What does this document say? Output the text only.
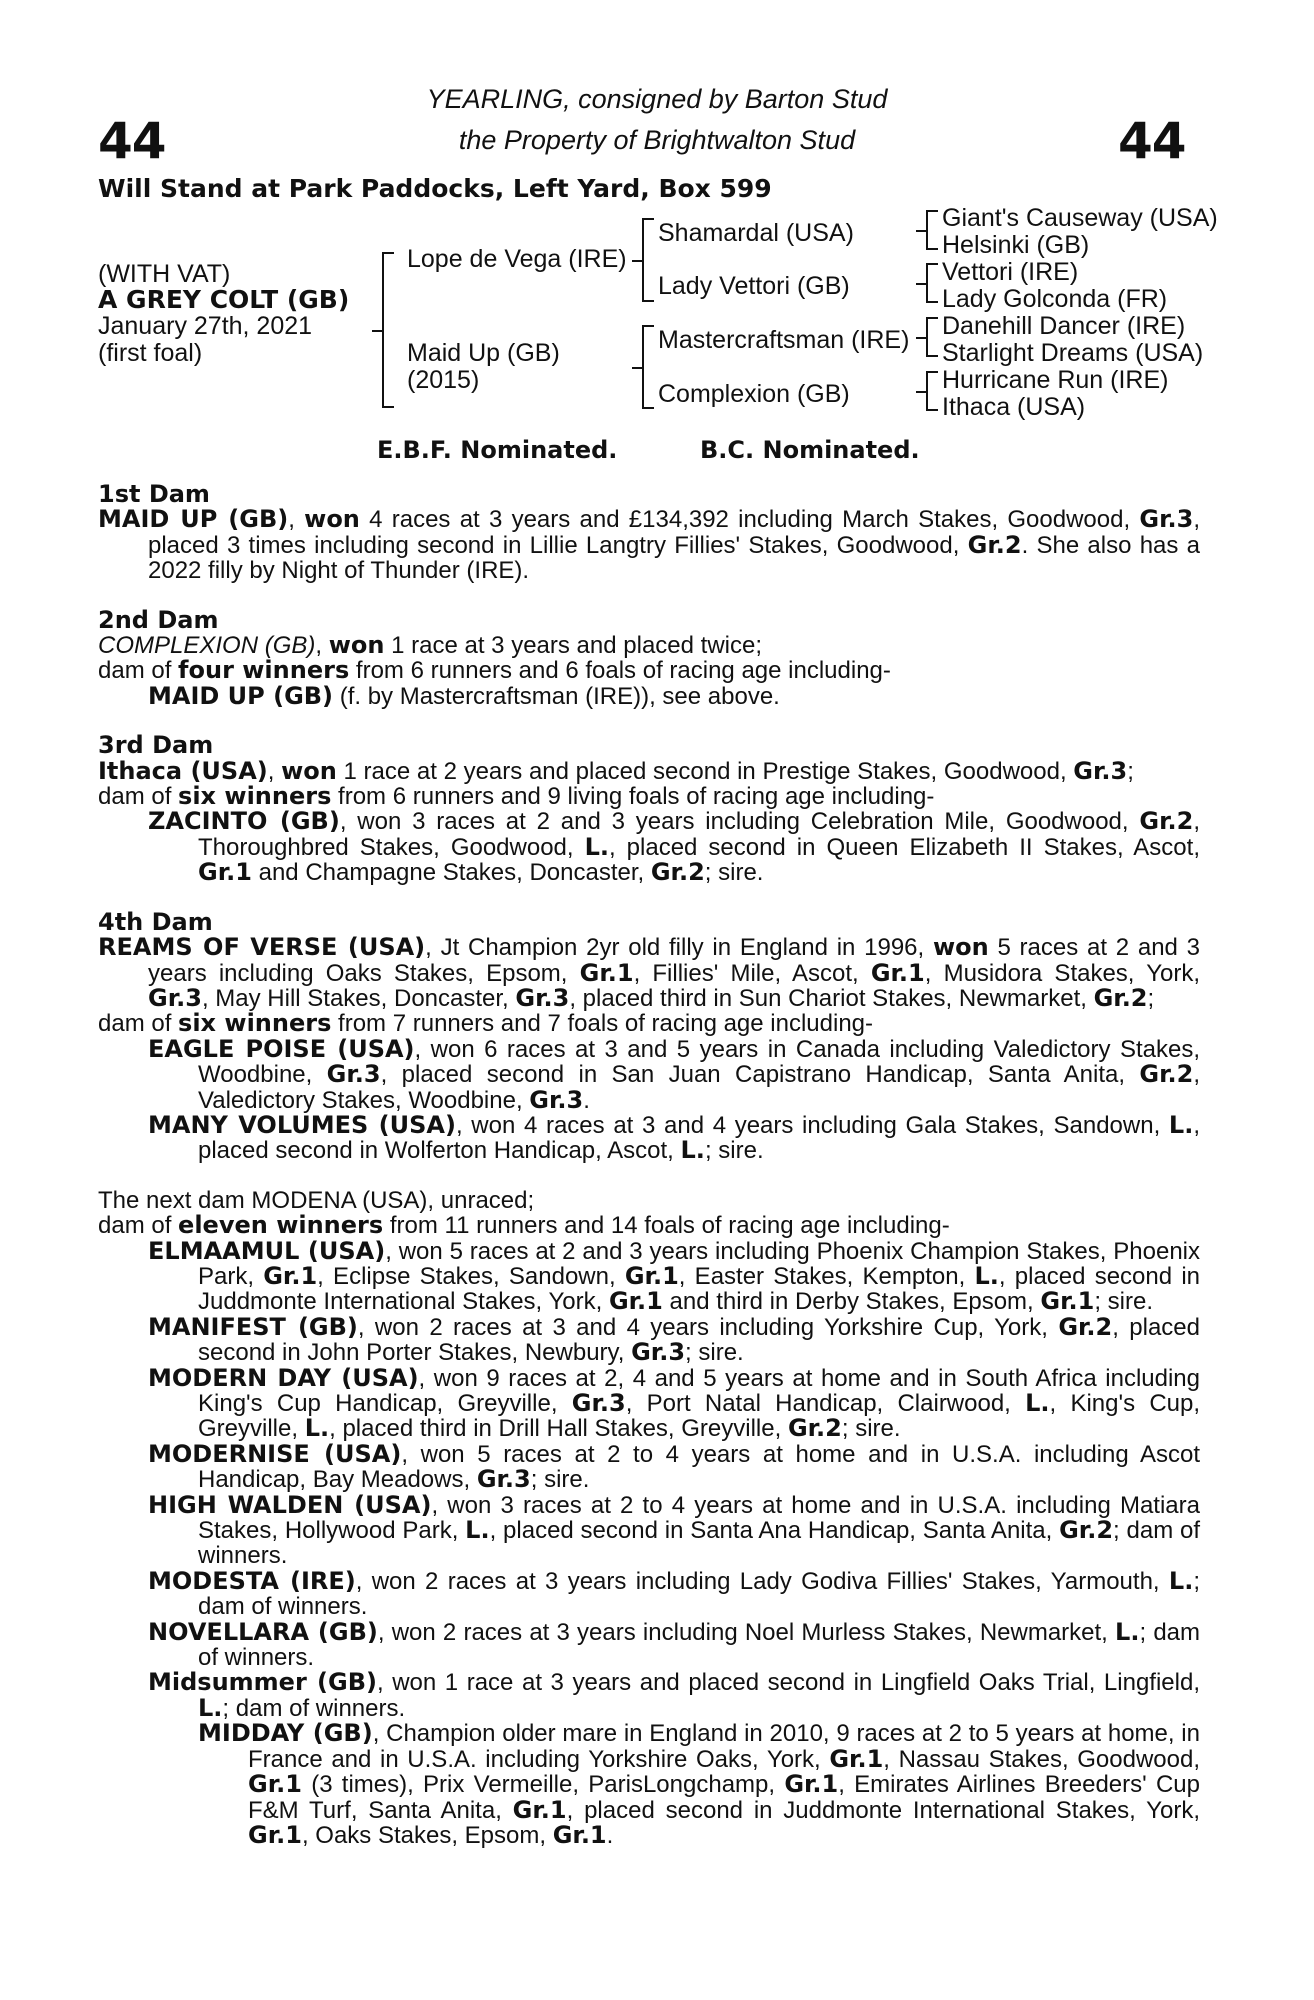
44	44
YEARLING, consigned by Barton Stud
the Property of Brightwalton Stud
Will Stand at Park Paddocks, Left Yard, Box 599
(WITH VAT)
A GREY COLT (GB)
January 27th, 2021
(first foal)
Lope de Vega (IRE)
Maid Up (GB)
(2015)
Shamardal (USA)
Lady Vettori (GB)
Mastercraftsman (IRE)
Complexion (GB)
Giant's Causeway (USA)
Helsinki (GB)
Vettori (IRE)
Lady Golconda (FR)
Danehill Dancer (IRE)
Starlight Dreams (USA)
Hurricane Run (IRE)
Ithaca (USA)
E.B.F. Nominated.	B.C. Nominated.
1st Dam
MAID UP (GB), won 4 races at 3 years and £134,392 including March Stakes, Goodwood, Gr.3, placed 3 times including second in Lillie Langtry Fillies' Stakes, Goodwood, Gr.2. She also has a 2022 filly by Night of Thunder (IRE).
2nd Dam
COMPLEXION (GB), won 1 race at 3 years and placed twice;
dam of four winners from 6 runners and 6 foals of racing age including-
MAID UP (GB) (f. by Mastercraftsman (IRE)), see above.
3rd Dam
Ithaca (USA), won 1 race at 2 years and placed second in Prestige Stakes, Goodwood, Gr.3;
dam of six winners from 6 runners and 9 living foals of racing age including-
ZACINTO (GB), won 3 races at 2 and 3 years including Celebration Mile, Goodwood, Gr.2, Thoroughbred Stakes, Goodwood, L., placed second in Queen Elizabeth II Stakes, Ascot, Gr.1 and Champagne Stakes, Doncaster, Gr.2; sire.
4th Dam
REAMS OF VERSE (USA), Jt Champion 2yr old filly in England in 1996, won 5 races at 2 and 3 years including Oaks Stakes, Epsom, Gr.1, Fillies' Mile, Ascot, Gr.1, Musidora Stakes, York, Gr.3, May Hill Stakes, Doncaster, Gr.3, placed third in Sun Chariot Stakes, Newmarket, Gr.2;
dam of six winners from 7 runners and 7 foals of racing age including-
EAGLE POISE (USA), won 6 races at 3 and 5 years in Canada including Valedictory Stakes, Woodbine, Gr.3, placed second in San Juan Capistrano Handicap, Santa Anita, Gr.2, Valedictory Stakes, Woodbine, Gr.3.
MANY VOLUMES (USA), won 4 races at 3 and 4 years including Gala Stakes, Sandown, L., placed second in Wolferton Handicap, Ascot, L.; sire.
The next dam MODENA (USA), unraced;
dam of eleven winners from 11 runners and 14 foals of racing age including-
ELMAAMUL (USA), won 5 races at 2 and 3 years including Phoenix Champion Stakes, Phoenix Park, Gr.1, Eclipse Stakes, Sandown, Gr.1, Easter Stakes, Kempton, L., placed second in Juddmonte International Stakes, York, Gr.1 and third in Derby Stakes, Epsom, Gr.1; sire.
MANIFEST (GB), won 2 races at 3 and 4 years including Yorkshire Cup, York, Gr.2, placed second in John Porter Stakes, Newbury, Gr.3; sire.
MODERN DAY (USA), won 9 races at 2, 4 and 5 years at home and in South Africa including King's Cup Handicap, Greyville, Gr.3, Port Natal Handicap, Clairwood, L., King's Cup, Greyville, L., placed third in Drill Hall Stakes, Greyville, Gr.2; sire.
MODERNISE (USA), won 5 races at 2 to 4 years at home and in U.S.A. including Ascot Handicap, Bay Meadows, Gr.3; sire.
HIGH WALDEN (USA), won 3 races at 2 to 4 years at home and in U.S.A. including Matiara Stakes, Hollywood Park, L., placed second in Santa Ana Handicap, Santa Anita, Gr.2; dam of winners.
MODESTA (IRE), won 2 races at 3 years including Lady Godiva Fillies' Stakes, Yarmouth, L.; dam of winners.
NOVELLARA (GB), won 2 races at 3 years including Noel Murless Stakes, Newmarket, L.; dam of winners.
Midsummer (GB), won 1 race at 3 years and placed second in Lingfield Oaks Trial, Lingfield, L.; dam of winners.
MIDDAY (GB), Champion older mare in England in 2010, 9 races at 2 to 5 years at home, in France and in U.S.A. including Yorkshire Oaks, York, Gr.1, Nassau Stakes, Goodwood, Gr.1 (3 times), Prix Vermeille, ParisLongchamp, Gr.1, Emirates Airlines Breeders' Cup F&M Turf, Santa Anita, Gr.1, placed second in Juddmonte International Stakes, York, Gr.1, Oaks Stakes, Epsom, Gr.1.
